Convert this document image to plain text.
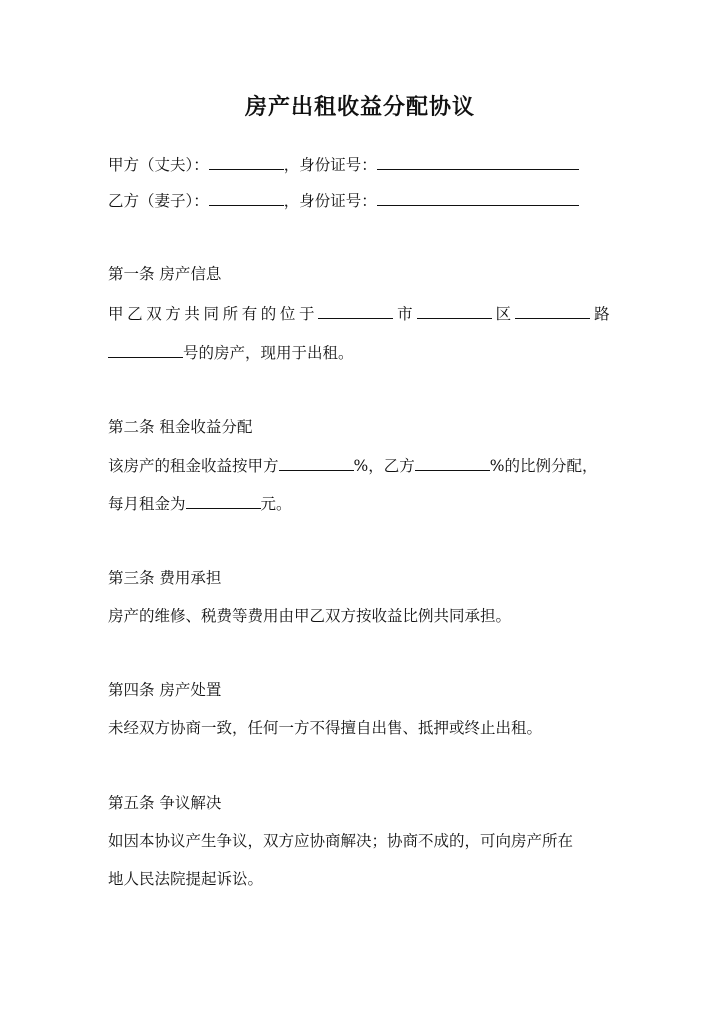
房产出租收益分配协议
甲方（丈夫）：	，身份证号：
乙方（妻子）：	，身份证号：
第一条 房产信息
甲乙双方共同所有的位于	市	区	路
号的房产，现用于出租。
第二条 租金收益分配
该房产的租金收益按甲方	%，乙方	%的比例分配，
每月租金为	元。
第三条 费用承担
房产的维修、税费等费用由甲乙双方按收益比例共同承担。
第四条 房产处置
未经双方协商一致，任何一方不得擅自出售、抵押或终止出租。
第五条 争议解决
如因本协议产生争议，双方应协商解决；协商不成的，可向房产所在
地人民法院提起诉讼。
